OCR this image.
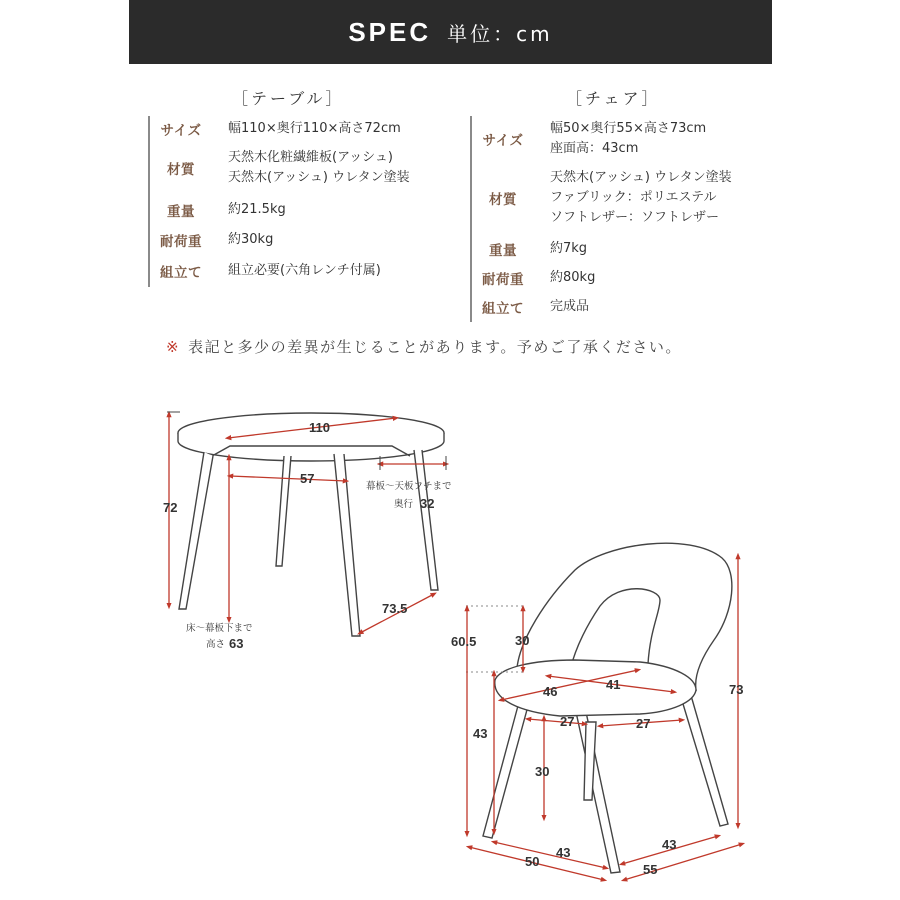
SPEC 単位：cm
［テーブル］
サイズ	幅110×奥行110×高さ72cm
材質
天然木化粧繊維板(アッシュ)
天然木(アッシュ) ウレタン塗装
重量	約21.5kg
耐荷重	約30kg
組立て	組立必要(六角レンチ付属)
［チェア］
サイズ
幅50×奥行55×高さ73cm
座面高：43cm
材質
天然木(アッシュ) ウレタン塗装
ファブリック：ポリエステル
ソフトレザー：ソフトレザー
重量	約7kg
耐荷重	約80kg
組立て	完成品
※ 表記と多少の差異が生じることがあります。予めご了承ください。
110
57
72
73.5
幕板〜天板フチまで
奥行 32
床〜幕板下まで
高さ 63	60.5	30
46	41
27	27
43
30
73
43
43
50
55
